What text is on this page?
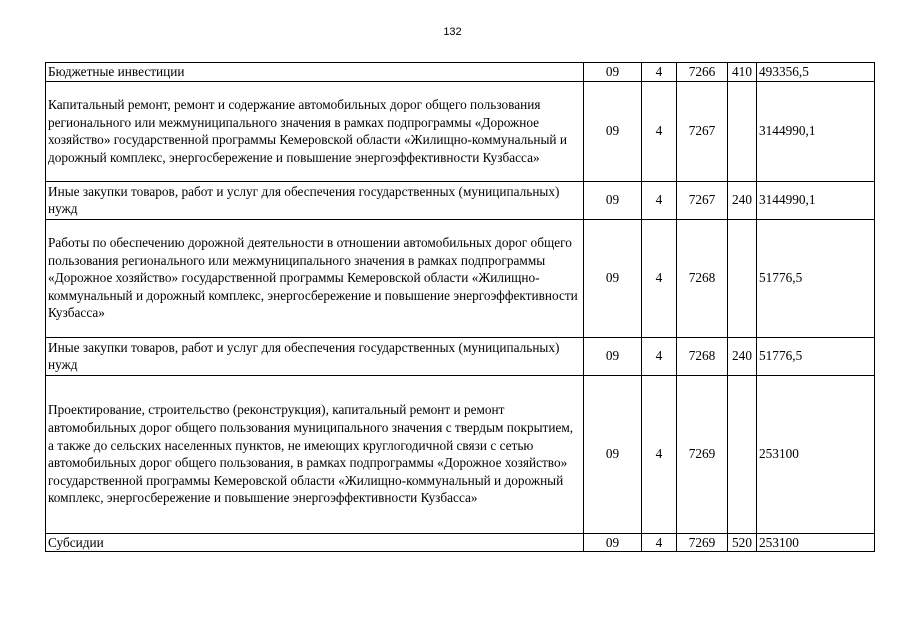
132
Бюджетные инвестиции	09	4	7266	410	493356,5
Капитальный ремонт, ремонт и содержание автомобильных дорог общего пользования регионального или межмуниципального значения в рамках подпрограммы «Дорожное хозяйство» государственной программы Кемеровской области «Жилищно-коммунальный и дорожный комплекс, энергосбережение и повышение энергоэффективности Кузбасса»	09	4	7267		3144990,1
Иные закупки товаров, работ и услуг для обеспечения государственных (муниципальных) нужд	09	4	7267	240	3144990,1
Работы по обеспечению дорожной деятельности в отношении автомобильных дорог общего пользования регионального или межмуниципального значения в рамках подпрограммы «Дорожное хозяйство» государственной программы Кемеровской области «Жилищно-коммунальный и дорожный комплекс, энергосбережение и повышение энергоэффективности Кузбасса»	09	4	7268		51776,5
Иные закупки товаров, работ и услуг для обеспечения государственных (муниципальных) нужд	09	4	7268	240	51776,5
Проектирование, строительство (реконструкция), капитальный ремонт и ремонт автомобильных дорог общего пользования муниципального значения с твердым покрытием, а также до сельских населенных пунктов, не имеющих круглогодичной связи с сетью автомобильных дорог общего пользования, в рамках подпрограммы «Дорожное хозяйство» государственной программы Кемеровской области «Жилищно-коммунальный и дорожный комплекс, энергосбережение и повышение энергоэффективности Кузбасса»	09	4	7269		253100
Субсидии	09	4	7269	520	253100
